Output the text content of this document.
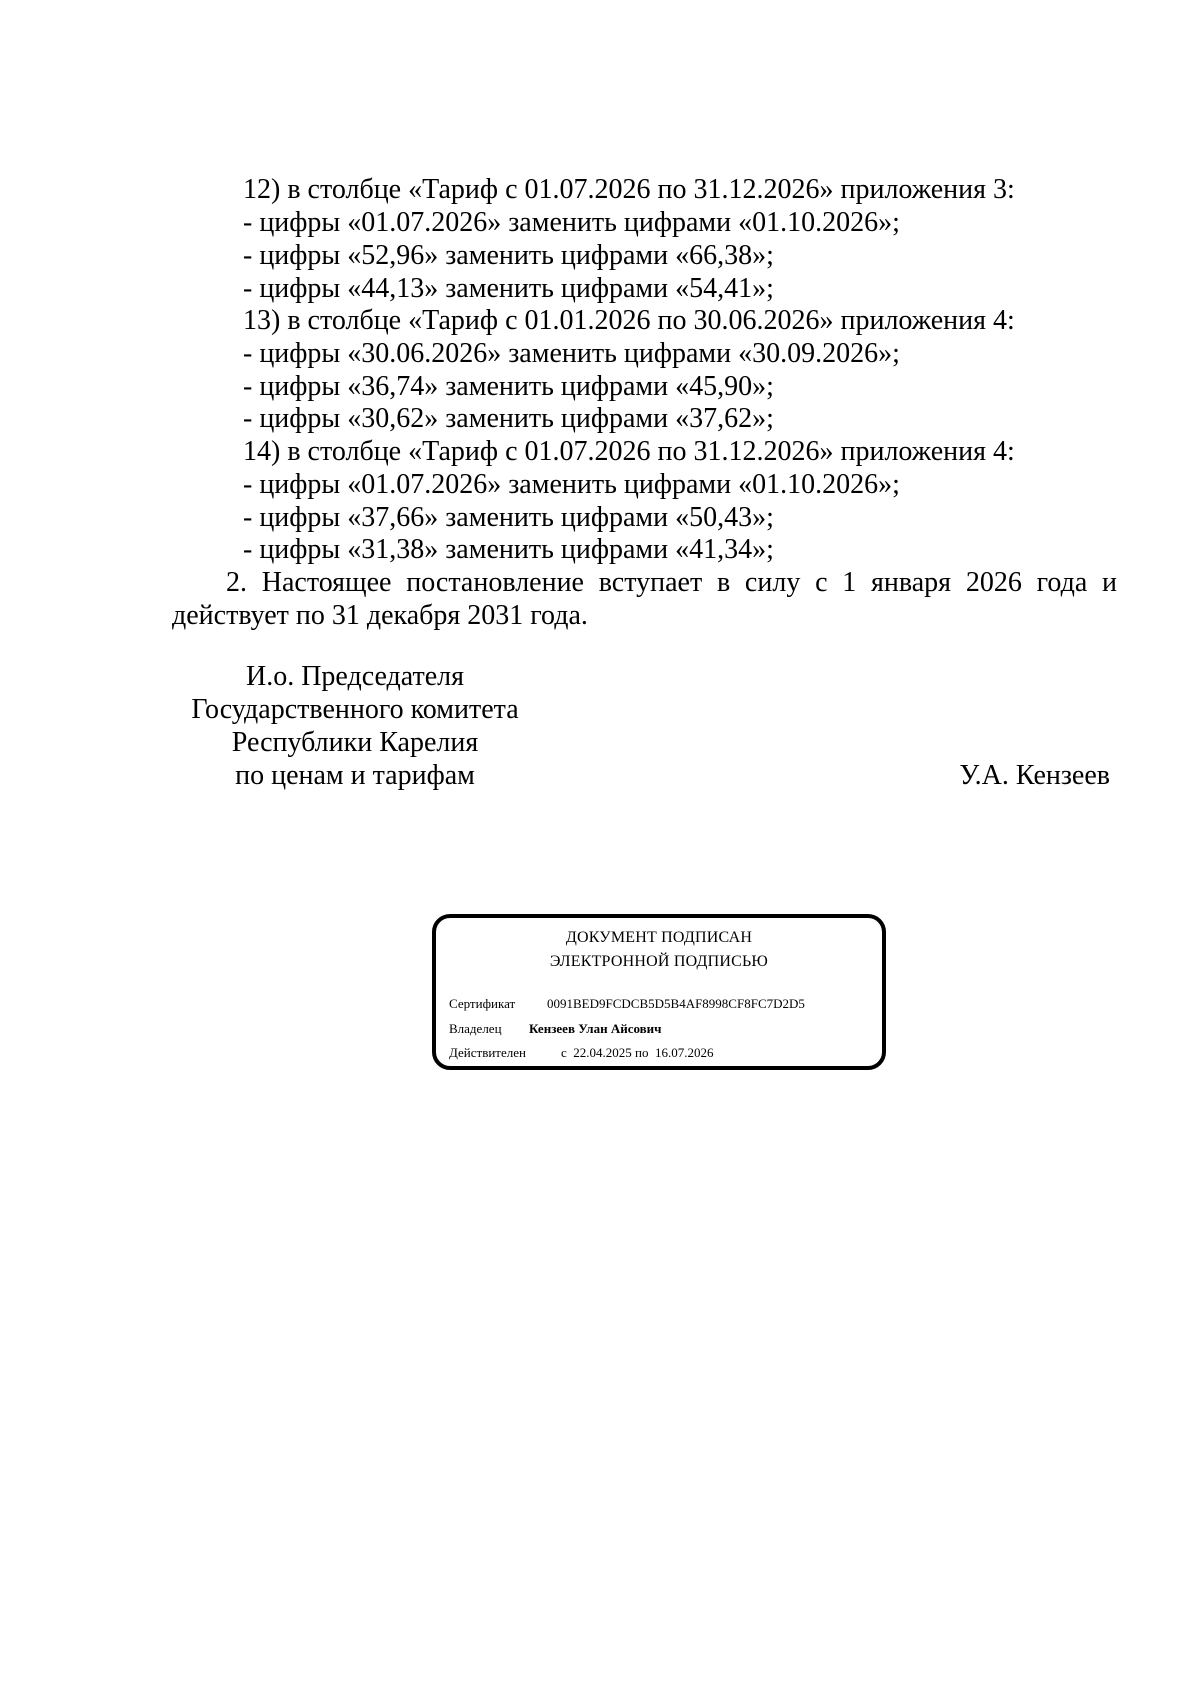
12) в столбце «Тариф с 01.07.2026 по 31.12.2026» приложения 3:
- цифры «01.07.2026» заменить цифрами «01.10.2026»;
- цифры «52,96» заменить цифрами «66,38»;
- цифры «44,13» заменить цифрами «54,41»;
13) в столбце «Тариф с 01.01.2026 по 30.06.2026» приложения 4:
- цифры «30.06.2026» заменить цифрами «30.09.2026»;
- цифры «36,74» заменить цифрами «45,90»;
- цифры «30,62» заменить цифрами «37,62»;
14) в столбце «Тариф с 01.07.2026 по 31.12.2026» приложения 4:
- цифры «01.07.2026» заменить цифрами «01.10.2026»;
- цифры «37,66» заменить цифрами «50,43»;
- цифры «31,38» заменить цифрами «41,34»;
2. Настоящее постановление вступает в силу с 1 января 2026 года и
действует по 31 декабря 2031 года.
И.о. Председателя
Государственного комитета
Республики Карелия
по ценам и тарифам	У.А. Кензеев
ДОКУМЕНТ ПОДПИСАН
ЭЛЕКТРОННОЙ ПОДПИСЬЮ
Сертификат 0091BED9FCDCB5D5B4AF8998CF8FC7D2D5
Владелец Кензеев Улан Айсович
Действителен	с  22.04.2025 по  16.07.2026
